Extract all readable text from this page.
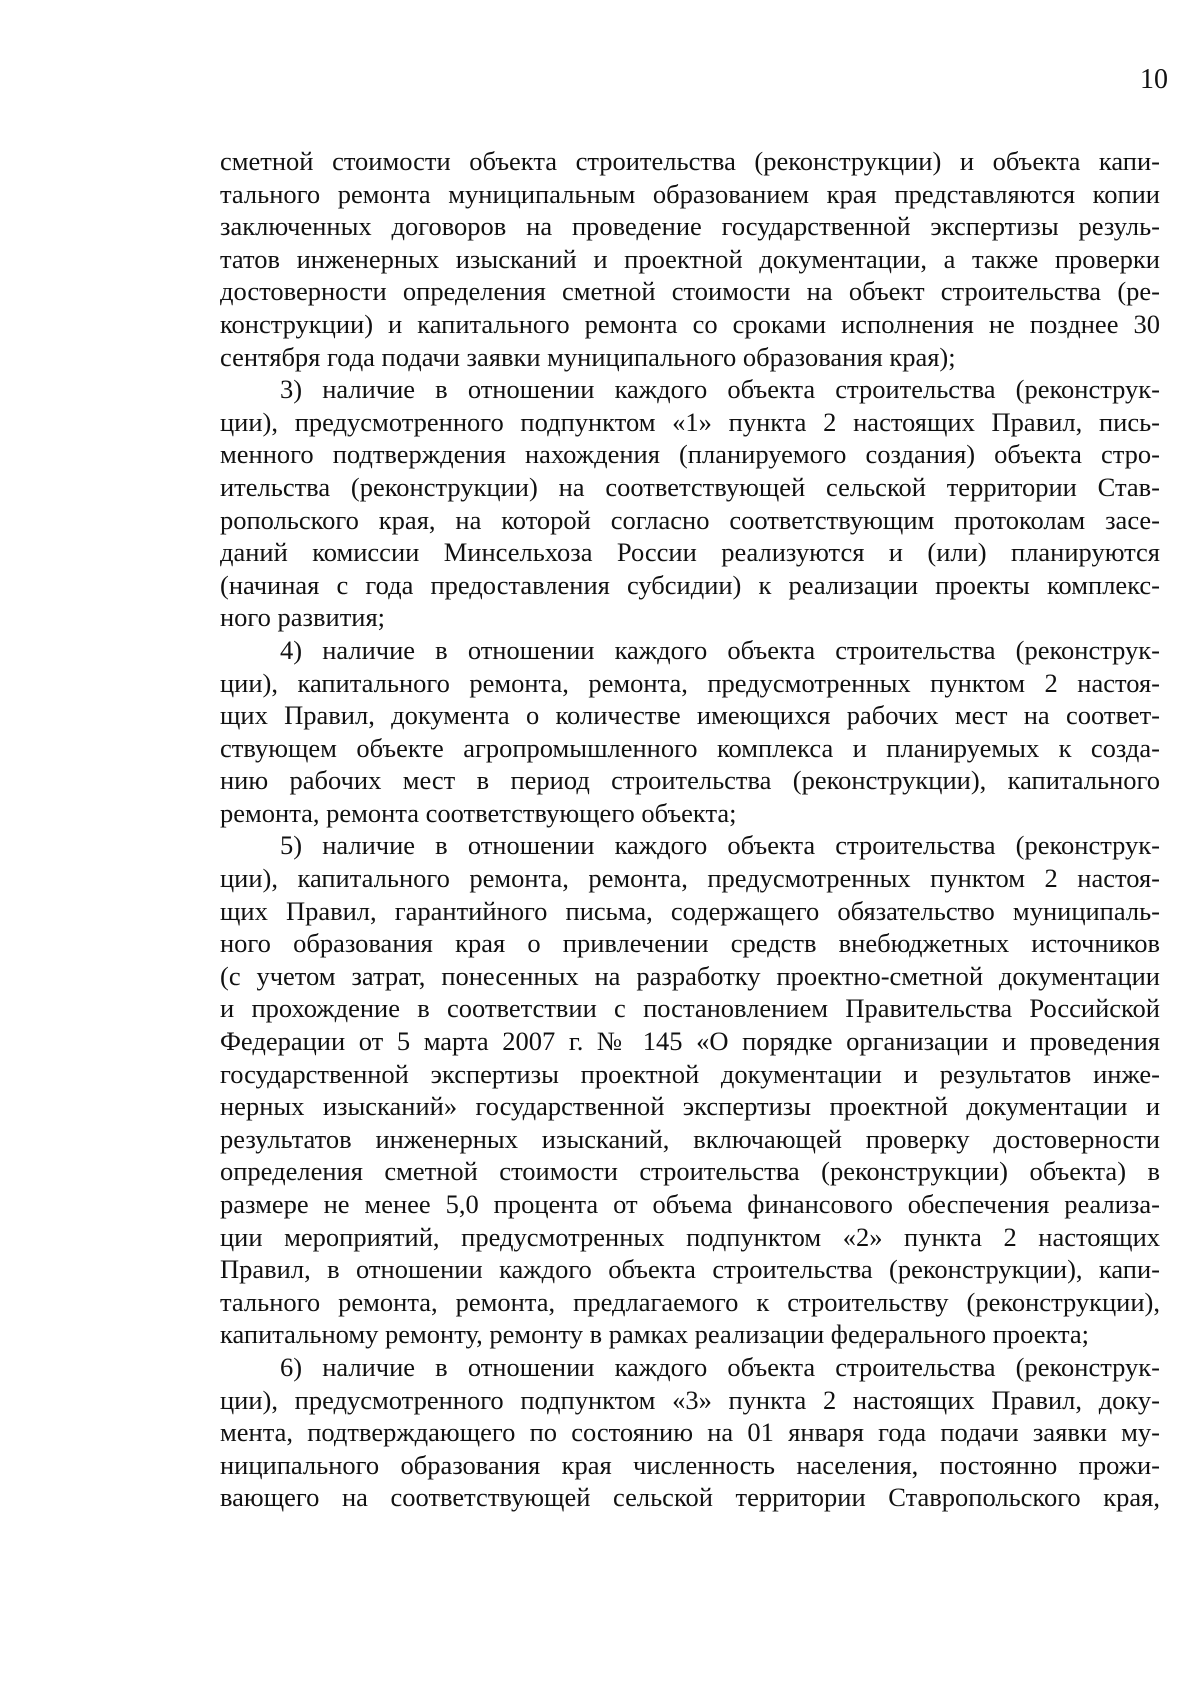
10

сметной стоимости объекта строительства (реконструкции) и объекта капи-
тального ремонта муниципальным образованием края представляются копии
заключенных договоров на проведение государственной экспертизы резуль-
татов инженерных изысканий и проектной документации, а также проверки
достоверности определения сметной стоимости на объект строительства (ре-
конструкции) и капитального ремонта со сроками исполнения не позднее 30
сентября года подачи заявки муниципального образования края);

3) наличие в отношении каждого объекта строительства (реконструк-
ции), предусмотренного подпунктом «1» пункта 2 настоящих Правил, пись-
менного подтверждения нахождения (планируемого создания) объекта стро-
ительства (реконструкции) на соответствующей сельской территории Став-
ропольского края, на которой согласно соответствующим протоколам засе-
даний комиссии Минсельхоза России реализуются и (или) планируются
(начиная с года предоставления субсидии) к реализации проекты комплекс-
ного развития;

4) наличие в отношении каждого объекта строительства (реконструк-
ции), капитального ремонта, ремонта, предусмотренных пунктом 2 настоя-
щих Правил, документа о количестве имеющихся рабочих мест на соответ-
ствующем объекте агропромышленного комплекса и планируемых к созда-
нию рабочих мест в период строительства (реконструкции), капитального
ремонта, ремонта соответствующего объекта;

5) наличие в отношении каждого объекта строительства (реконструк-
ции), капитального ремонта, ремонта, предусмотренных пунктом 2 настоя-
щих Правил, гарантийного письма, содержащего обязательство муниципаль-
ного образования края о привлечении средств внебюджетных источников
(с учетом затрат, понесенных на разработку проектно-сметной документации
и прохождение в соответствии с постановлением Правительства Российской
Федерации от 5 марта 2007 г. № 145 «О порядке организации и проведения
государственной экспертизы проектной документации и результатов инже-
нерных изысканий» государственной экспертизы проектной документации и
результатов инженерных изысканий, включающей проверку достоверности
определения сметной стоимости строительства (реконструкции) объекта) в
размере не менее 5,0 процента от объема финансового обеспечения реализа-
ции мероприятий, предусмотренных подпунктом «2» пункта 2 настоящих
Правил, в отношении каждого объекта строительства (реконструкции), капи-
тального ремонта, ремонта, предлагаемого к строительству (реконструкции),
капитальному ремонту, ремонту в рамках реализации федерального проекта;

6) наличие в отношении каждого объекта строительства (реконструк-
ции), предусмотренного подпунктом «3» пункта 2 настоящих Правил, доку-
мента, подтверждающего по состоянию на 01 января года подачи заявки му-
ниципального образования края численность населения, постоянно прожи-
вающего на соответствующей сельской территории Ставропольского края,
